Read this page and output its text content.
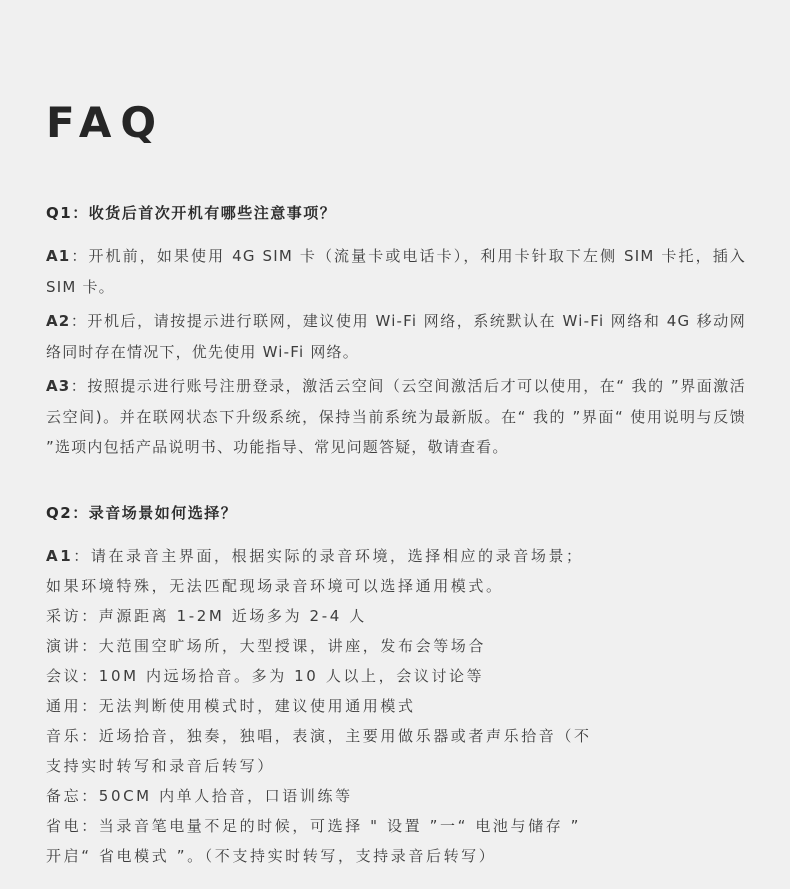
FAQ

Q1：收货后首次开机有哪些注意事项？

A1：开机前，如果使用 4G SIM 卡（流量卡或电话卡），利用卡针取下左侧 SIM 卡托，插入 SIM 卡。

A2：开机后，请按提示进行联网，建议使用 Wi-Fi 网络，系统默认在 Wi-Fi 网络和 4G 移动网络同时存在情况下，优先使用 Wi-Fi 网络。

A3：按照提示进行账号注册登录，激活云空间（云空间激活后才可以使用，在“ 我的 ”界面激活云空间)。并在联网状态下升级系统，保持当前系统为最新版。在“ 我的 ”界面“ 使用说明与反馈 ”选项内包括产品说明书、功能指导、常见问题答疑，敬请查看。

Q2：录音场景如何选择？

A1：请在录音主界面，根据实际的录音环境，选择相应的录音场景；
如果环境特殊，无法匹配现场录音环境可以选择通用模式。
采访：声源距离 1-2M 近场多为 2-4 人
演讲：大范围空旷场所，大型授课，讲座，发布会等场合
会议：10M 内远场拾音。多为 10 人以上，会议讨论等
通用：无法判断使用模式时，建议使用通用模式
音乐：近场拾音，独奏，独唱，表演，主要用做乐器或者声乐拾音（不
支持实时转写和录音后转写）
备忘：50CM 内单人拾音，口语训练等
省电：当录音笔电量不足的时候，可选择 " 设置 ”一“ 电池与储存 ”
开启“ 省电模式 ”。（不支持实时转写，支持录音后转写）
